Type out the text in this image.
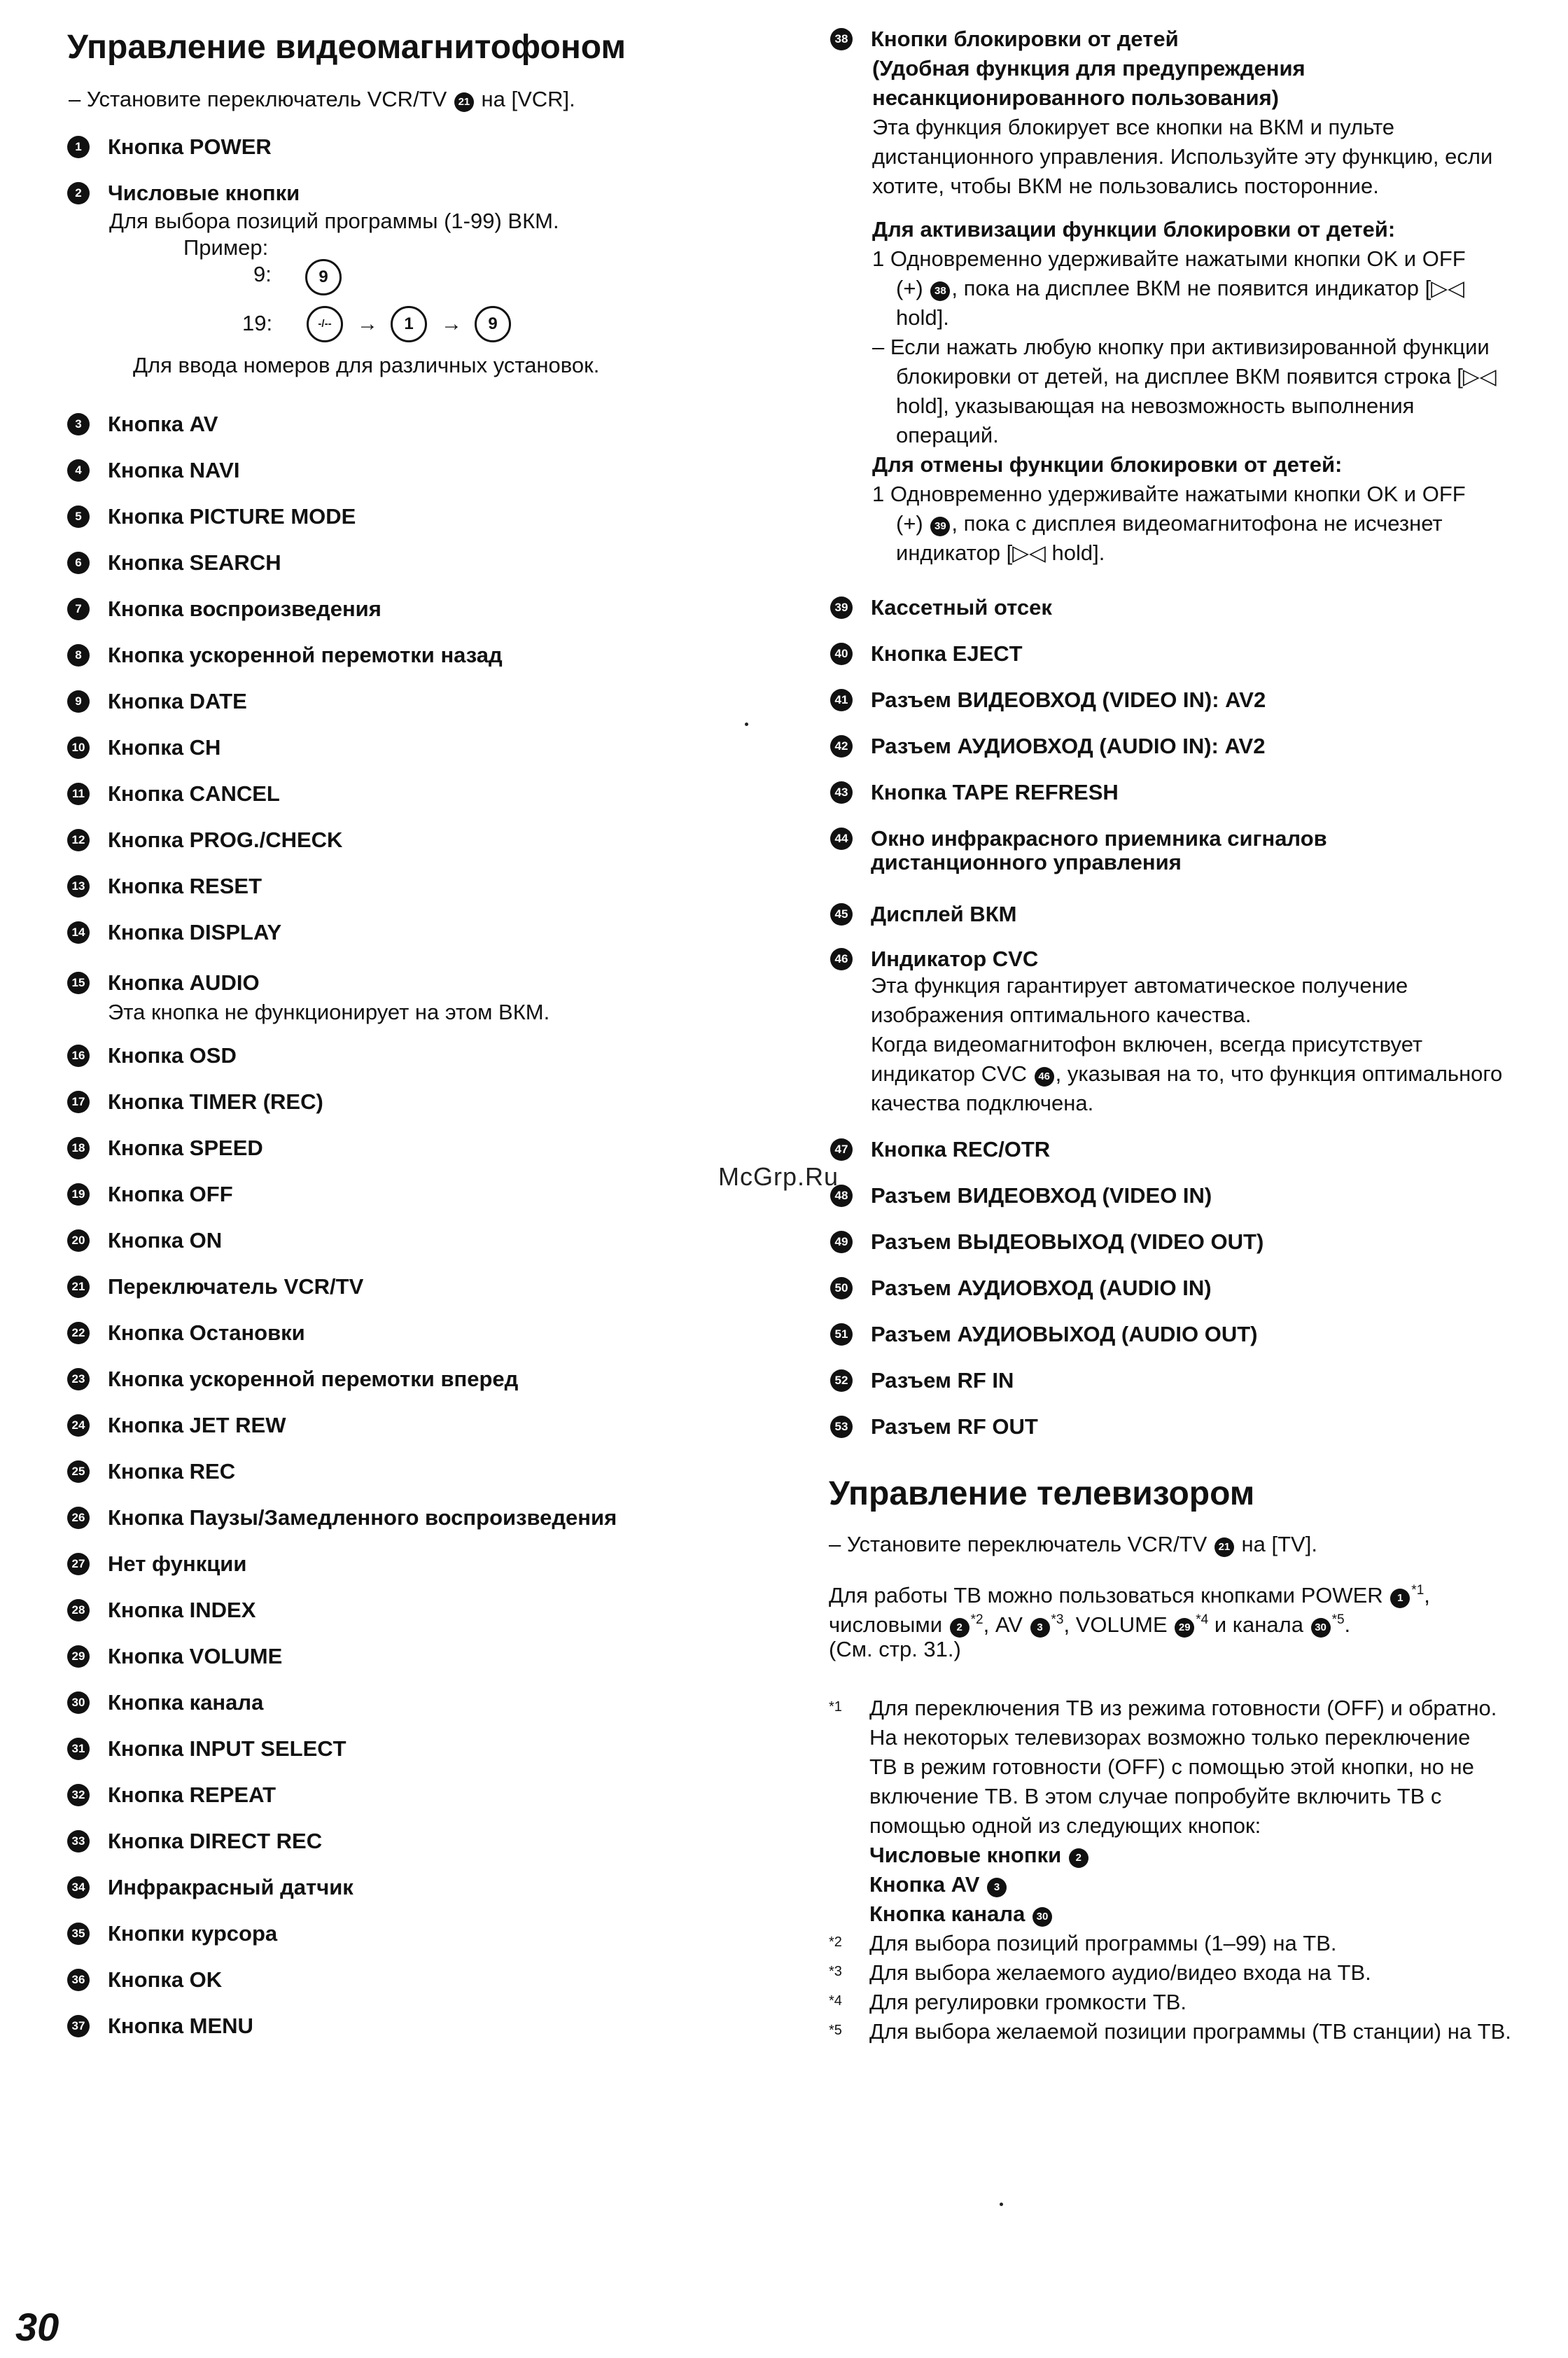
Управление видеомагнитофоном
– Установите переключатель VCR/TV 21 на [VCR].
1	Кнопка POWER
2	Числовые кнопки
3	Кнопка AV
4	Кнопка NAVI
5	Кнопка PICTURE MODE
6	Кнопка SEARCH
7	Кнопка воспроизведения
8	Кнопка ускоренной перемотки назад
9	Кнопка DATE
10 Кнопка CH
11 Кнопка CANCEL
12 Кнопка PROG./CHECK
13 Кнопка RESET
14 Кнопка DISPLAY
15 Кнопка AUDIO
16 Кнопка OSD
17 Кнопка TIMER (REC)
18 Кнопка SPEED
19 Кнопка OFF
20 Кнопка ON
21 Переключатель VCR/TV
22 Кнопка Остановки
23 Кнопка ускоренной перемотки вперед
24 Кнопка JET REW
25 Кнопка REC
26 Кнопка Паузы/Замедленного воспроизведения
27 Нет функции
28 Кнопка INDEX
29 Кнопка VOLUME
30 Кнопка канала
31 Кнопка INPUT SELECT
32 Кнопка REPEAT
33 Кнопка DIRECT REC
34 Инфракрасный датчик
35 Кнопки курсора
36 Кнопка OK
37 Кнопка MENU
Для выбора позиций программы (1-99) ВКМ.
Пример:
9:	9
19:	-/--	→	1	→	9
Для ввода номеров для различных установок.
Эта кнопка не функционирует на этом ВКМ.
38 Кнопки блокировки от детей
39 Кассетный отсек
40 Кнопка EJECT
41 Разъем ВИДЕОВХОД (VIDEO IN): AV2
42 Разъем АУДИОВХОД (AUDIO IN): AV2
43 Кнопка TAPE REFRESH
44 Окно инфракрасного приемника сигналов
45 Дисплей ВКМ
46 Индикатор CVC
47 Кнопка REC/OTR
48 Разъем ВИДЕОВХОД (VIDEO IN)
49 Разъем ВЫДЕОВЫХОД (VIDEO OUT)
50 Разъем АУДИОВХОД (AUDIO IN)
51 Разъем АУДИОВЫХОД (AUDIO OUT)
52 Разъем RF IN
53 Разъем RF OUT
(Удобная функция для предупреждения
несанкционированного пользования)
Эта функция блокирует все кнопки на ВКМ и пульте
дистанционного управления. Используйте эту функцию, если
хотите, чтобы ВКМ не пользовались посторонние.
Для активизации функции блокировки от детей:
1 Одновременно удерживайте нажатыми кнопки OK и OFF
(+) 38 , пока на дисплее ВКМ не появится индикатор [▷◁
hold].
– Если нажать любую кнопку при активизированной функции
блокировки от детей, на дисплее ВКМ появится строка [▷◁
hold], указывающая на невозможность выполнения
операций.
Для отмены функции блокировки от детей:
1 Одновременно удерживайте нажатыми кнопки OK и OFF
(+) 39 , пока с дисплея видеомагнитофона не исчезнет
индикатор [▷◁ hold].
дистанционного управления
Эта функция гарантирует автоматическое получение
изображения оптимального качества.
Когда видеомагнитофон включен, всегда присутствует
индикатор CVC 46 , указывая на то, что функция оптимального
качества подключена.
McGrp.Ru
Управление телевизором
– Установите переключатель VCR/TV 21 на [TV].
Для работы ТВ можно пользоваться кнопками POWER 1$^{*1}$,
числовыми 2$^{*2}$, AV 3$^{*3}$, VOLUME 29$^{*4}$ и канала 30$^{*5}$.
(См. стр. 31.)
*1 Для переключения ТВ из режима готовности (OFF) и обратно.
На некоторых телевизорах возможно только переключение
ТВ в режим готовности (OFF) с помощью этой кнопки, но не
включение ТВ. В этом случае попробуйте включить ТВ с
помощью одной из следующих кнопок:
Числовые кнопки 2
Кнопка AV 3
Кнопка канала 30
*2 Для выбора позиций программы (1–99) на ТВ.
*3 Для выбора желаемого аудио/видео входа на ТВ.
*4 Для регулировки громкости ТВ.
*5 Для выбора желаемой позиции программы (ТВ станции) на ТВ.
30
